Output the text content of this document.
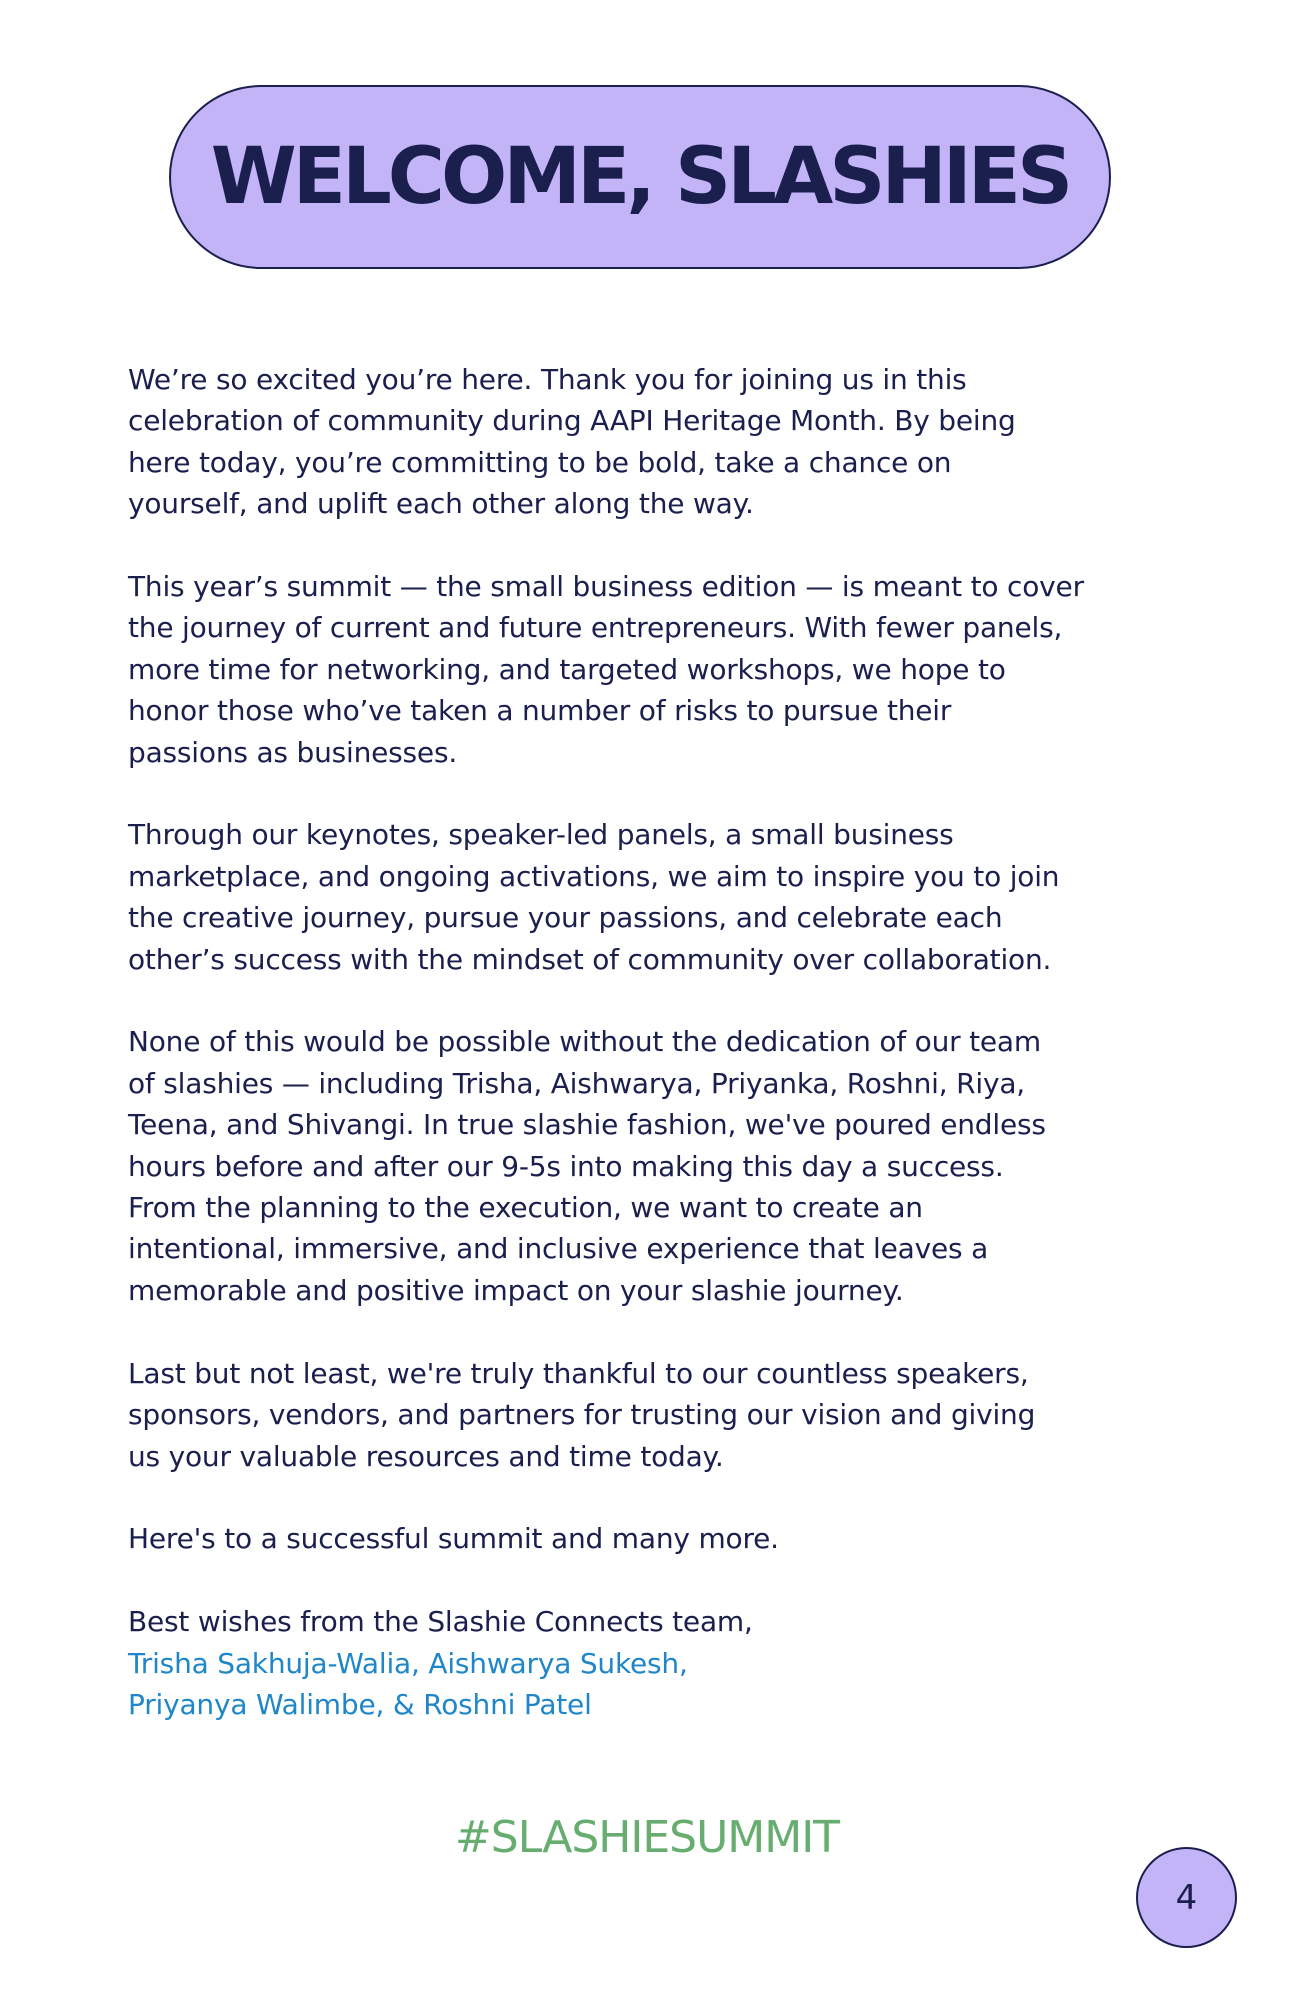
WELCOME, SLASHIES

We’re so excited you’re here. Thank you for joining us in this
celebration of community during AAPI Heritage Month. By being
here today, you’re committing to be bold, take a chance on
yourself, and uplift each other along the way.

This year’s summit — the small business edition — is meant to cover
the journey of current and future entrepreneurs. With fewer panels,
more time for networking, and targeted workshops, we hope to
honor those who’ve taken a number of risks to pursue their
passions as businesses.

Through our keynotes, speaker-led panels, a small business
marketplace, and ongoing activations, we aim to inspire you to join
the creative journey, pursue your passions, and celebrate each
other’s success with the mindset of community over collaboration.

None of this would be possible without the dedication of our team
of slashies — including Trisha, Aishwarya, Priyanka, Roshni, Riya,
Teena, and Shivangi. In true slashie fashion, we've poured endless
hours before and after our 9-5s into making this day a success.
From the planning to the execution, we want to create an
intentional, immersive, and inclusive experience that leaves a
memorable and positive impact on your slashie journey.

Last but not least, we're truly thankful to our countless speakers,
sponsors, vendors, and partners for trusting our vision and giving
us your valuable resources and time today.

Here's to a successful summit and many more.

Best wishes from the Slashie Connects team,
Trisha Sakhuja-Walia, Aishwarya Sukesh,
Priyanya Walimbe, & Roshni Patel

#SLASHIESUMMIT
4
